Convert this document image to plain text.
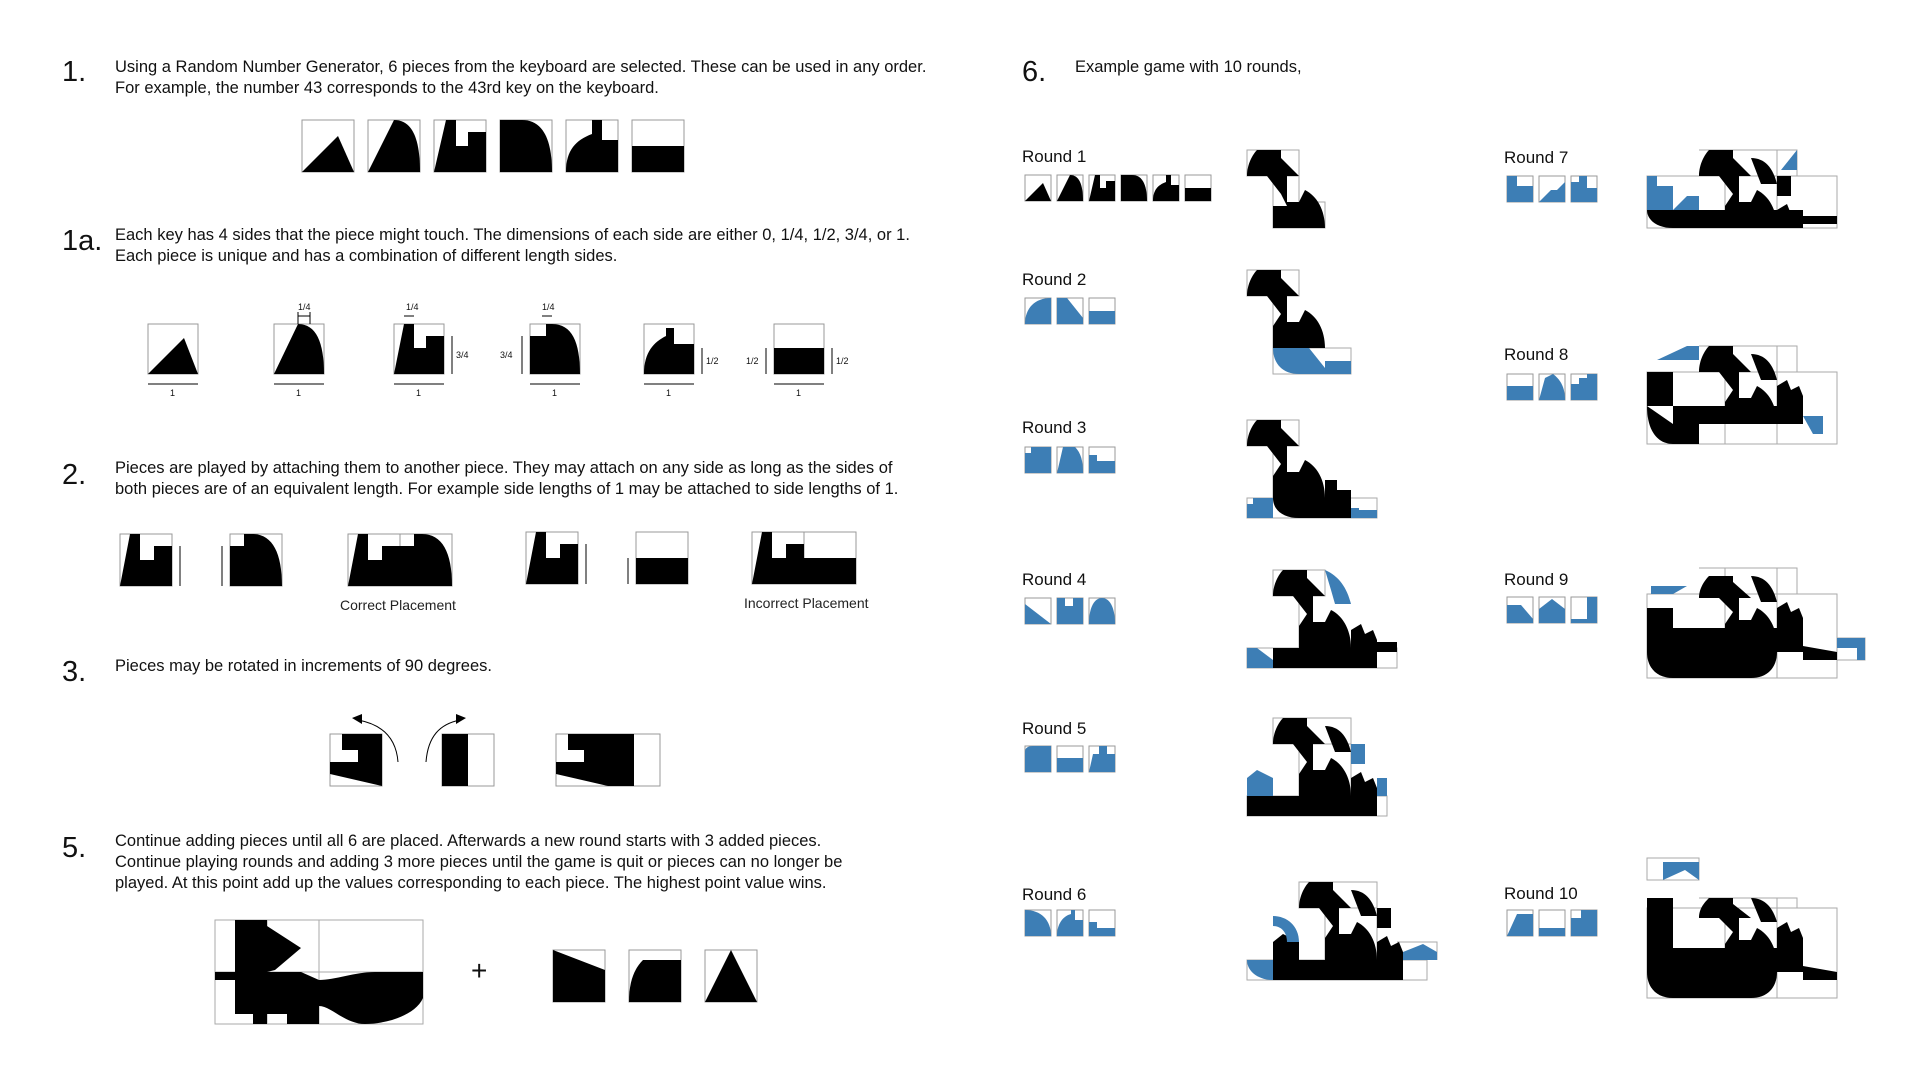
1. Using a Random Number Generator, 6 pieces from the keyboard are selected. These can be used in any order.
For example, the number 43 corresponds to the 43rd key on the keyboard.
1a. Each key has 4 sides that the piece might touch. The dimensions of each side are either 0, 1/4, 1/2, 3/4, or 1.
Each piece is unique and has a combination of different length sides.
1
1/4
1
1/4
3/4
1
1/4
3/4
1
1/2
1
1/2	1/2
1
2. Pieces are played by attaching them to another piece. They may attach on any side as long as the sides of
both pieces are of an equivalent length. For example side lengths of 1 may be attached to side lengths of 1.
Correct Placement	Incorrect Placement
3. Pieces may be rotated in increments of 90 degrees.
5. Continue adding pieces until all 6 are placed. Afterwards a new round starts with 3 added pieces.
Continue playing rounds and adding 3 more pieces until the game is quit or pieces can no longer be
played. At this point add up the values corresponding to each piece. The highest point value wins.
+
6. Example game with 10 rounds,
Round 1
Round 2
Round 3
Round 4
Round 5
Round 6
Round 7
Round 8
Round 9
Round 10
